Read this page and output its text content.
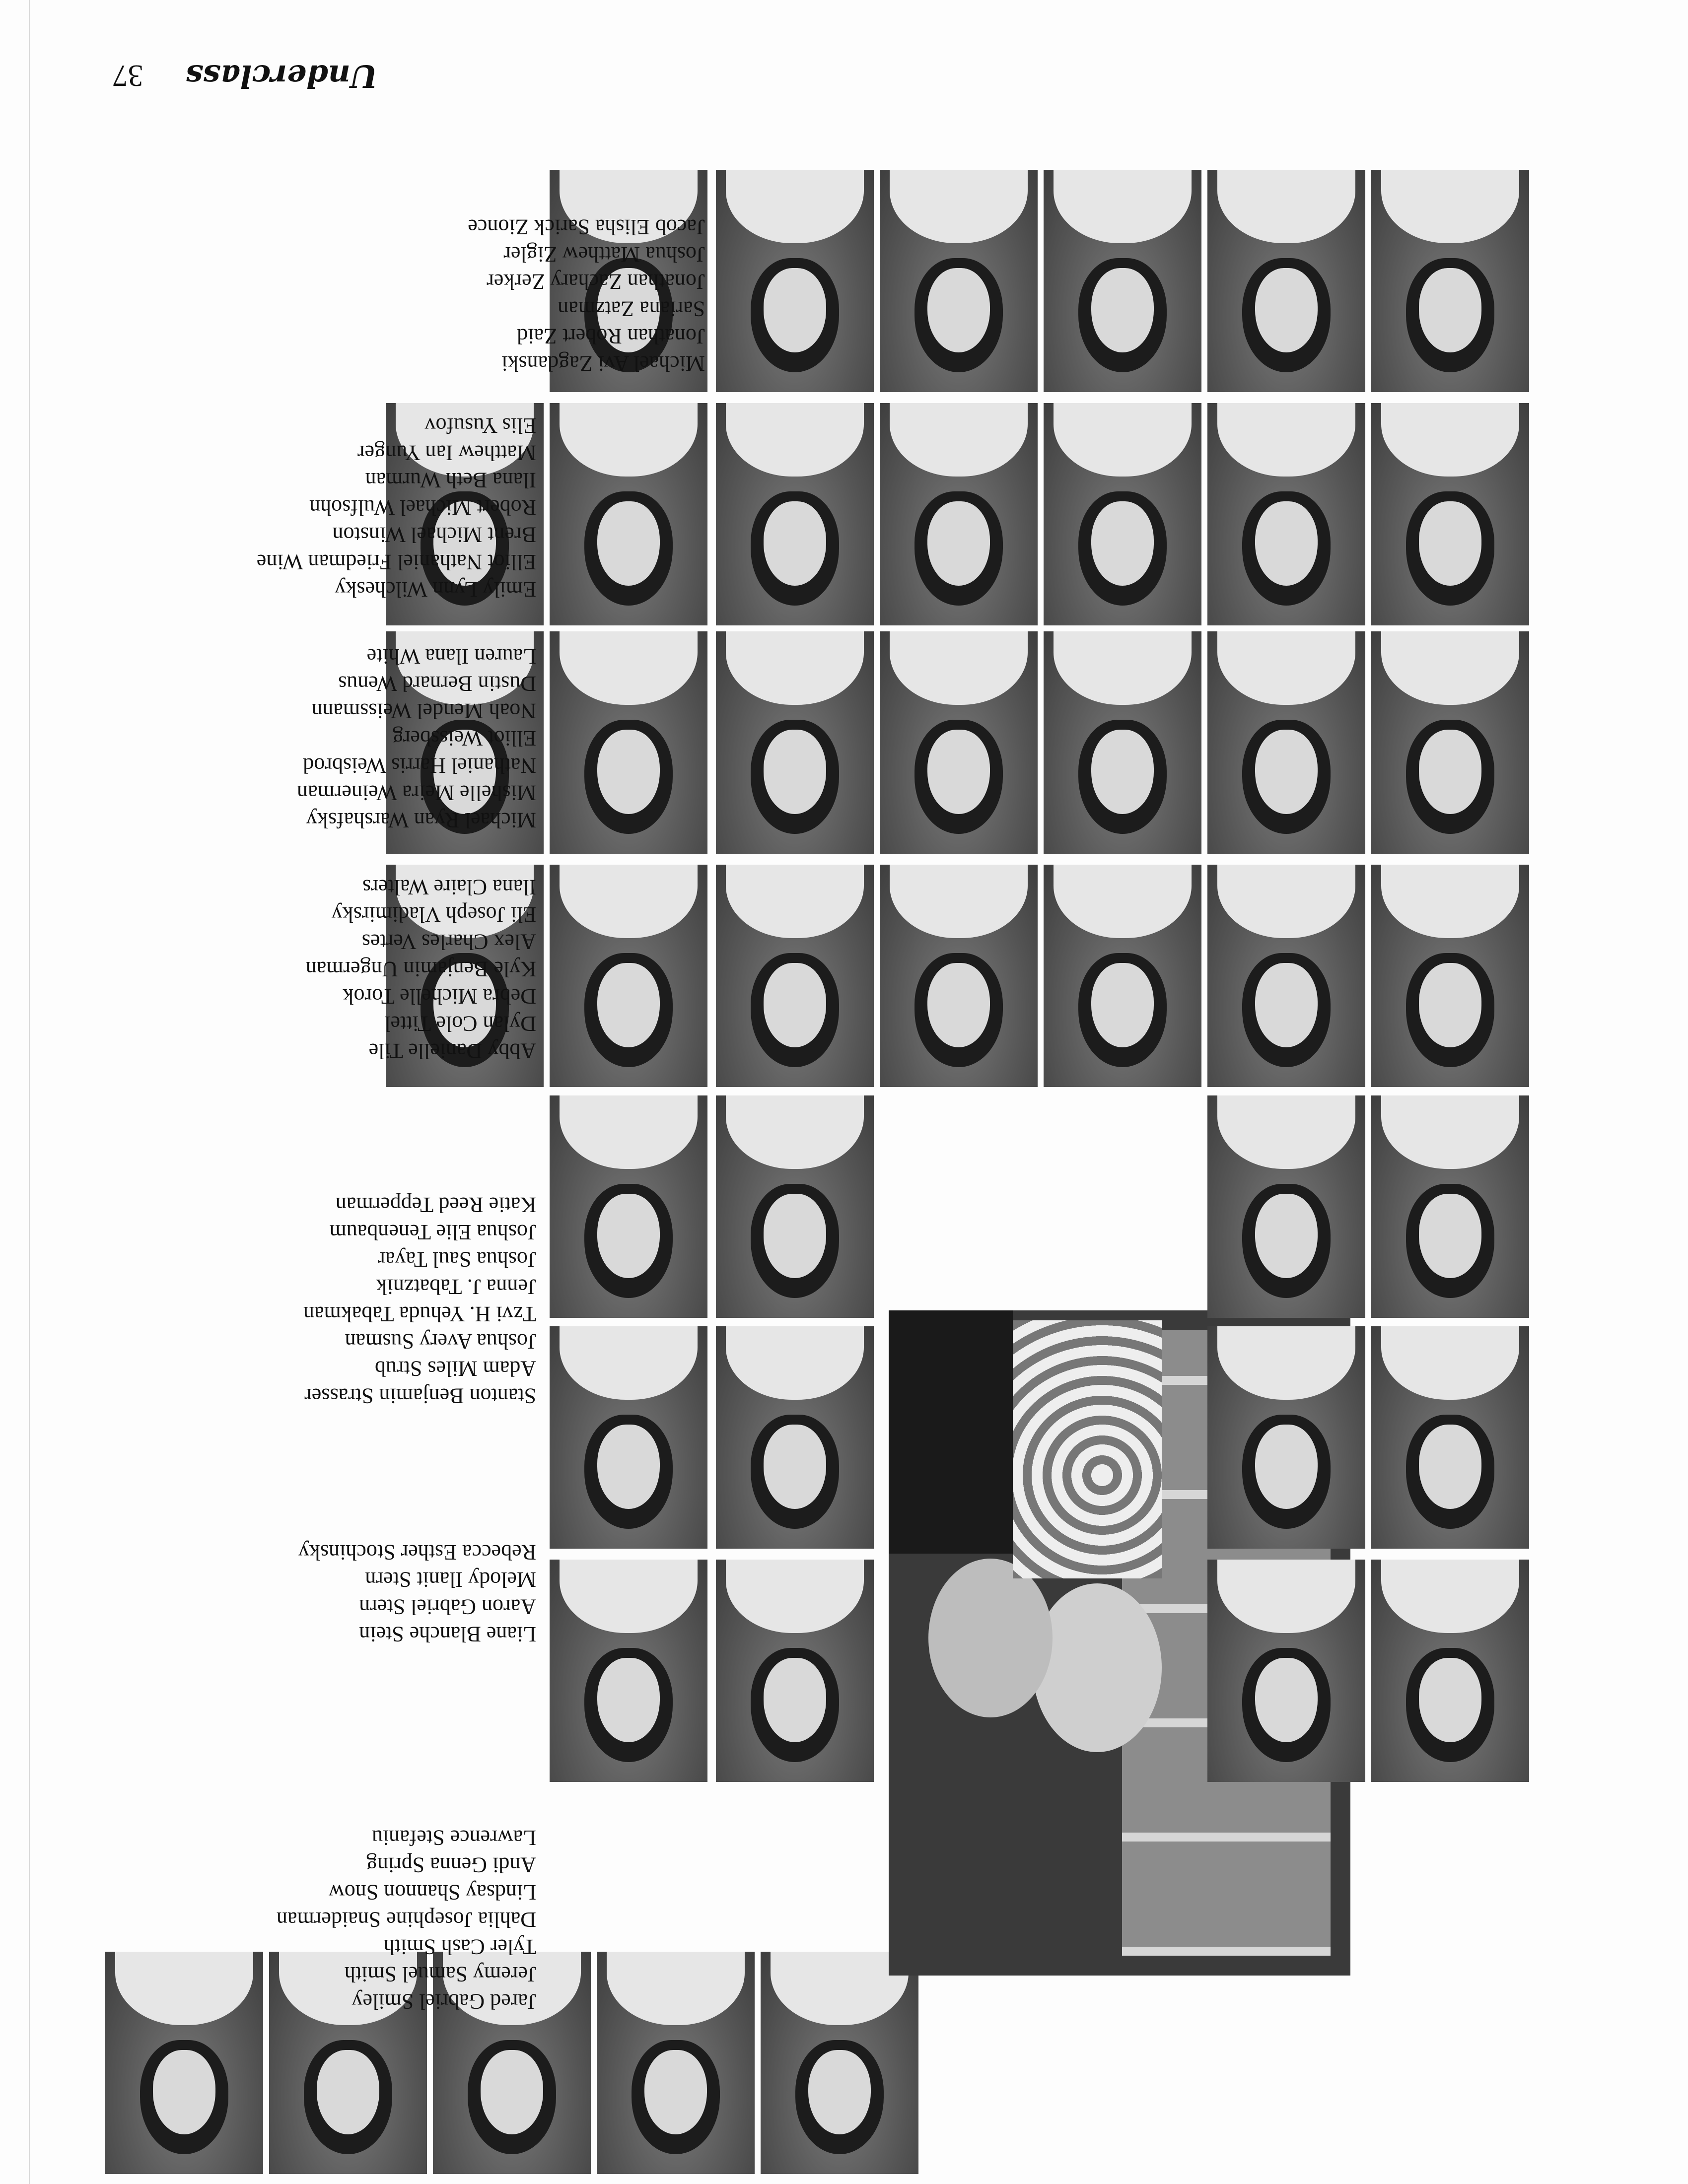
Michael Avi Zagdanski
Jonathan Robert Zaid
Sariana Zatzman
Jonathan Zachary Zerker
Joshua Matthew Zigler
Jacob Elisha Sarick Zionce
Emily Lynn Wilchesky
Elliot Nathaniel Friedman Wine
Brent Michael Winston
Robert Michael Wulfsohn
Ilana Beth Wurman
Matthew Ian Yunger
Elis Yusufov
Michael Ryan Warshafsky
Mishelle Meira Weinerman
Nathaniel Harris Weisbrod
Elliot Weissberg
Noah Mendel Weissmann
Dustin Bernard Wenus
Lauren Ilana White
Abby Danielle Tile
Dylan Cole Tittel
Debra Michelle Torok
Kyle Benjamin Ungerman
Alex Charles Vertes
Eli Joseph Vladimirsky
Ilana Claire Walters
Jenna J. Tabatznik
Joshua Saul Tayar
Joshua Elie Tenenbaum
Katie Reed Tepperman
Stanton Benjamin Strasser
Adam Miles Strub
Joshua Avery Susman
Tzvi H. Yehuda Tabakman
Liane Blanche Stein
Aaron Gabriel Stern
Melody Ilanit Stern
Rebecca Esther Stochinsky
Jared Gabriel Smiley
Jeremy Samuel Smith
Tyler Cash Smith
Dahlia Josephine Snaiderman
Lindsay Shannon Snow
Andi Genna Spring
Lawrence Stefaniu
Underclass 37
